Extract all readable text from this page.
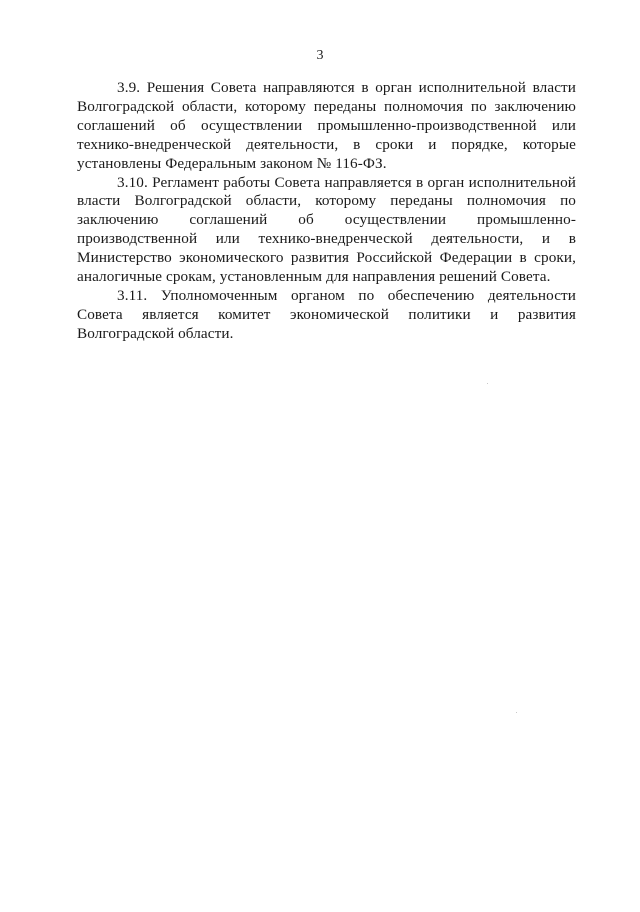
3

3.9. Решения Совета направляются в орган исполнительной власти Волгоградской области, которому переданы полномочия по заключению соглашений об осуществлении промышленно-производственной или технико-внедренческой деятельности, в сроки и порядке, которые установлены Федеральным законом № 116-ФЗ.

3.10. Регламент работы Совета направляется в орган исполнительной власти Волгоградской области, которому переданы полномочия по заключению соглашений об осуществлении промышленно-производственной или технико-внедренческой деятельности, и в Министерство экономического развития Российской Федерации в сроки, аналогичные срокам, установленным для направления решений Совета.

3.11. Уполномоченным органом по обеспечению деятельности Совета является комитет экономической политики и развития Волгоградской области.
